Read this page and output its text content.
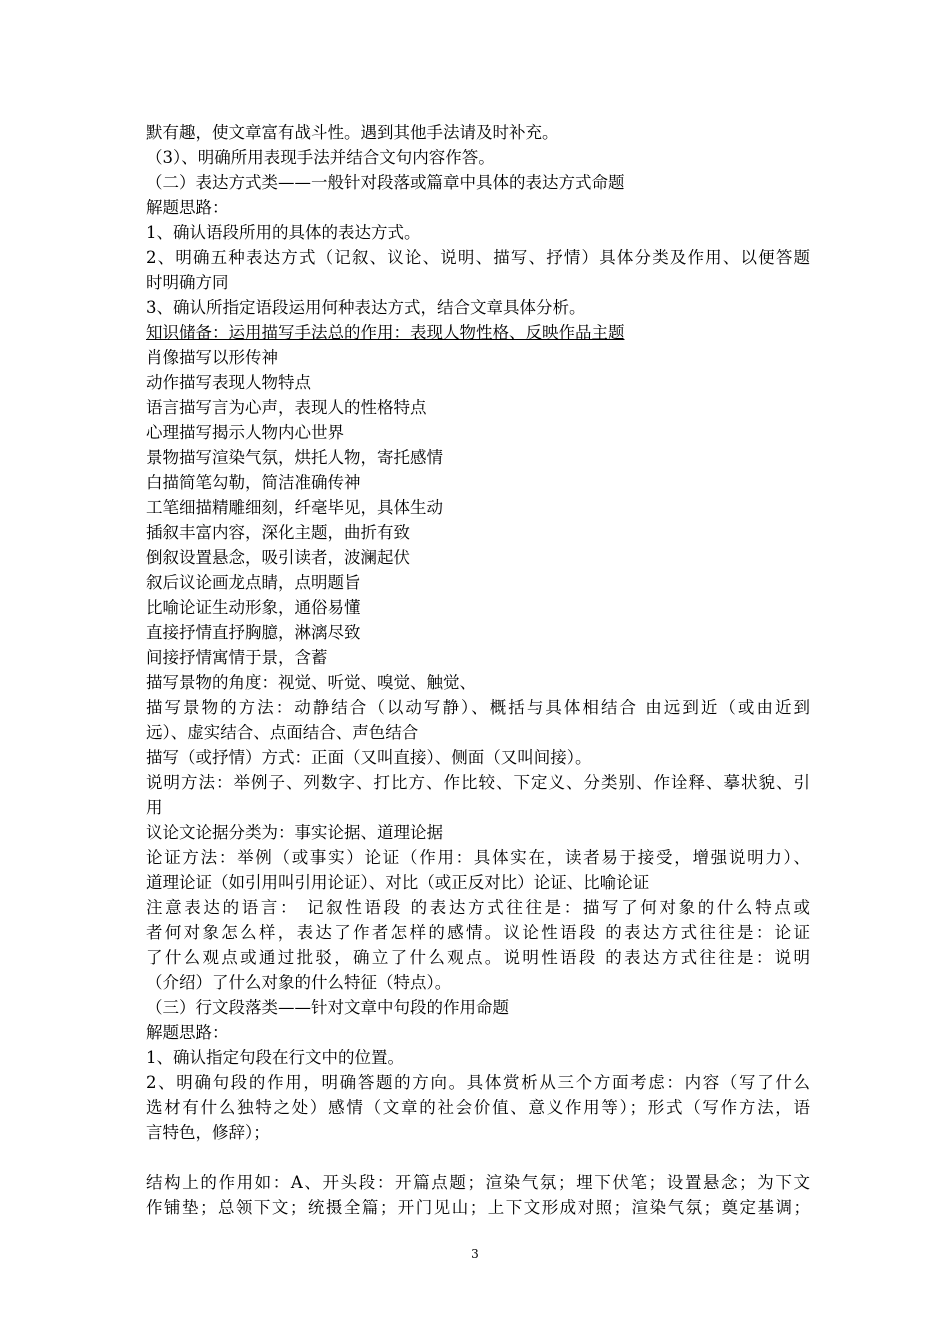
默有趣，使文章富有战斗性。遇到其他手法请及时补充。
（3）、明确所用表现手法并结合文句内容作答。
（二）表达方式类——一般针对段落或篇章中具体的表达方式命题
解题思路：
1、确认语段所用的具体的表达方式。
2、明确五种表达方式（记叙、议论、说明、描写、抒情）具体分类及作用、以便答题
时明确方同
3、确认所指定语段运用何种表达方式，结合文章具体分析。
知识储备：运用描写手法总的作用：表现人物性格、反映作品主题
肖像描写以形传神
动作描写表现人物特点
语言描写言为心声，表现人的性格特点
心理描写揭示人物内心世界
景物描写渲染气氛，烘托人物，寄托感情
白描简笔勾勒，简洁准确传神
工笔细描精雕细刻，纤毫毕见，具体生动
插叙丰富内容，深化主题，曲折有致
倒叙设置悬念，吸引读者，波澜起伏
叙后议论画龙点睛，点明题旨
比喻论证生动形象，通俗易懂
直接抒情直抒胸臆，淋漓尽致
间接抒情寓情于景，含蓄
描写景物的角度：视觉、听觉、嗅觉、触觉、
描写景物的方法：动静结合（以动写静）、概括与具体相结合 由远到近（或由近到
远）、虚实结合、点面结合、声色结合
描写（或抒情）方式：正面（又叫直接）、侧面（又叫间接）。
说明方法：举例子、列数字、打比方、作比较、下定义、分类别、作诠释、摹状貌、引
用
议论文论据分类为：事实论据、道理论据
论证方法：举例（或事实）论证（作用：具体实在，读者易于接受，增强说明力）、
道理论证（如引用叫引用论证）、对比（或正反对比）论证、比喻论证
注意表达的语言： 记叙性语段 的表达方式往往是：描写了何对象的什么特点或
者何对象怎么样，表达了作者怎样的感情。议论性语段 的表达方式往往是：论证
了什么观点或通过批驳，确立了什么观点。说明性语段 的表达方式往往是：说明
（介绍）了什么对象的什么特征（特点）。
（三）行文段落类——针对文章中句段的作用命题
解题思路：
1、确认指定句段在行文中的位置。
2、明确句段的作用，明确答题的方向。具体赏析从三个方面考虑：内容（写了什么
选材有什么独特之处）感情（文章的社会价值、意义作用等）；形式（写作方法，语
言特色，修辞）；
结构上的作用如：A、开头段：开篇点题；渲染气氛；埋下伏笔；设置悬念；为下文
作铺垫；总领下文；统摄全篇；开门见山；上下文形成对照；渲染气氛；奠定基调；
3
